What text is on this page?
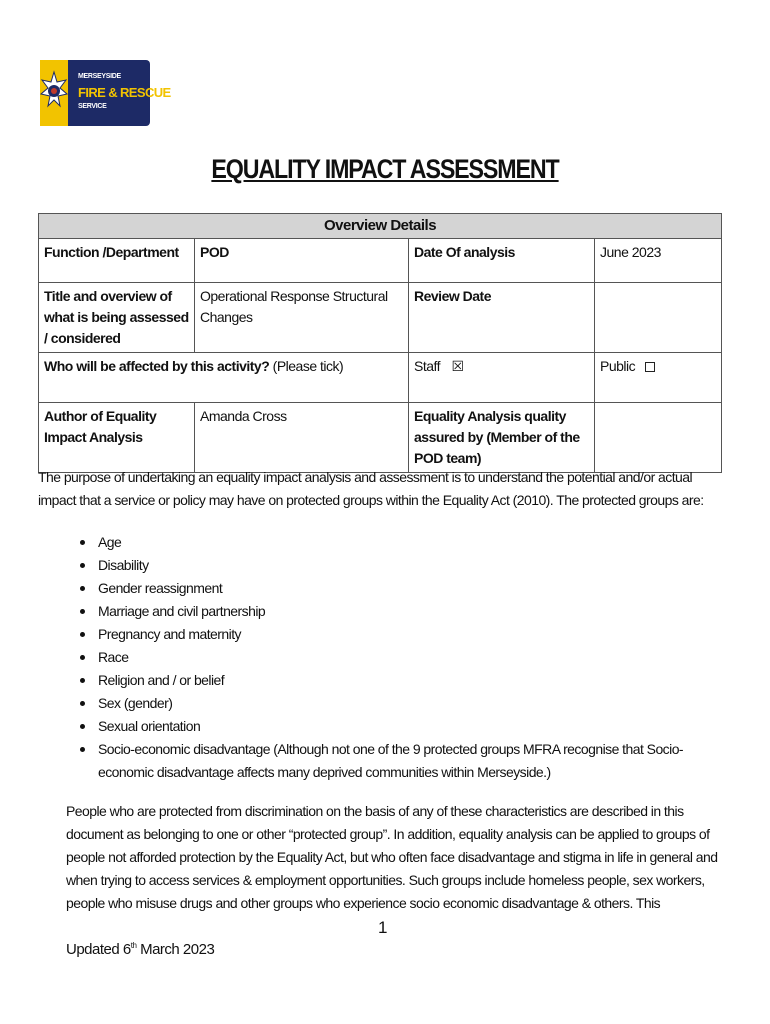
MERSEYSIDE
FIRE & RESCUE
SERVICE
EQUALITY IMPACT ASSESSMENT
Overview Details			
Function /Department	POD	Date Of analysis	June 2023
Title and overview of what is being assessed / considered	Operational Response Structural Changes	Review Date	
Who will be affected by this activity? (Please tick)		Staff ☒	Public
Author of Equality Impact Analysis	Amanda Cross	Equality Analysis quality assured by (Member of the POD team)	
The purpose of undertaking an equality impact analysis and assessment is to understand the potential and/or actual impact that a service or policy may have on protected groups within the Equality Act (2010). The protected groups are:
Age
Disability
Gender reassignment
Marriage and civil partnership
Pregnancy and maternity
Race
Religion and / or belief
Sex (gender)
Sexual orientation
Socio-economic disadvantage (Although not one of the 9 protected groups MFRA recognise that Socio-economic disadvantage affects many deprived communities within Merseyside.)
People who are protected from discrimination on the basis of any of these characteristics are described in this document as belonging to one or other “protected group”. In addition, equality analysis can be applied to groups of people not afforded protection by the Equality Act, but who often face disadvantage and stigma in life in general and when trying to access services & employment opportunities. Such groups include homeless people, sex workers, people who misuse drugs and other groups who experience socio economic disadvantage & others. This
1
Updated 6th March 2023
